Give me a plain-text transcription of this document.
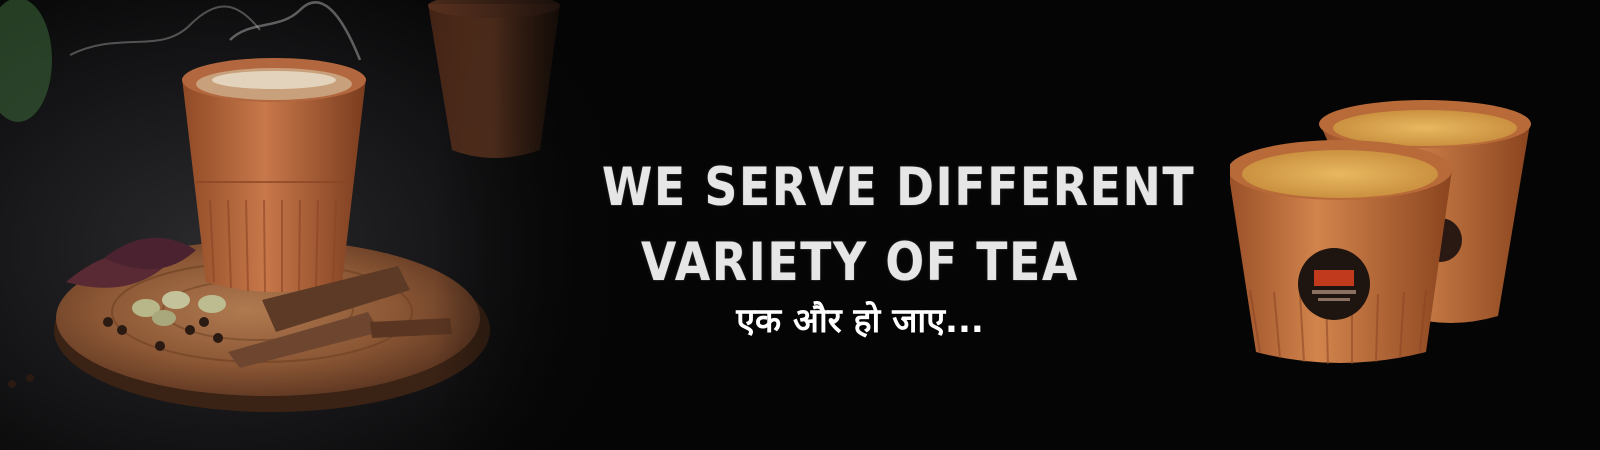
WE SERVE DIFFERENT
VARIETY OF TEA
एक और हो जाए...
